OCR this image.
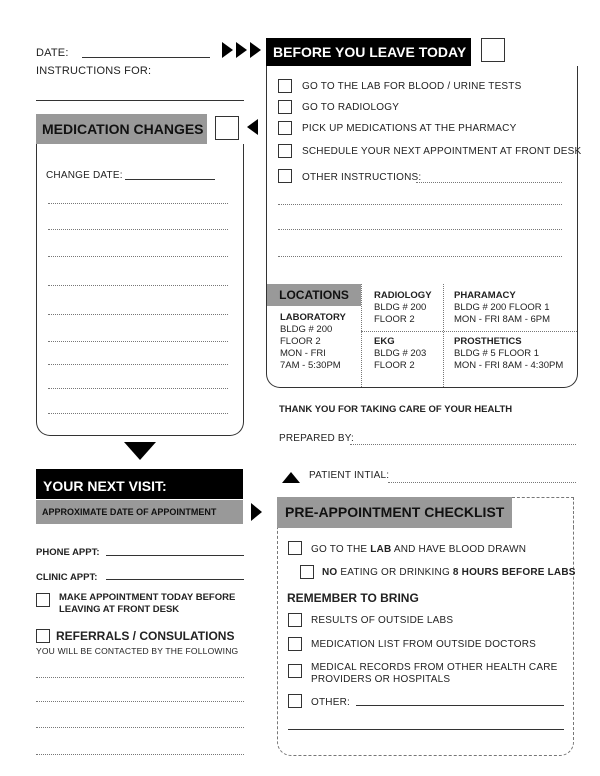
DATE:
INSTRUCTIONS FOR:
BEFORE YOU LEAVE TODAY
GO TO THE LAB FOR BLOOD / URINE TESTS
GO TO RADIOLOGY
PICK UP MEDICATIONS AT THE PHARMACY
SCHEDULE YOUR NEXT APPOINTMENT AT FRONT DESK
OTHER INSTRUCTIONS:
LOCATIONS
LABORATORY
BLDG # 200
FLOOR 2
MON - FRI
7AM - 5:30PM
RADIOLOGY
BLDG # 200
FLOOR 2
PHARAMACY
BLDG # 200 FLOOR 1
MON - FRI 8AM - 6PM
EKG
BLDG # 203
FLOOR 2
PROSTHETICS
BLDG # 5 FLOOR 1
MON - FRI 8AM - 4:30PM
THANK YOU FOR TAKING CARE OF YOUR HEALTH
PREPARED BY:
PATIENT INTIAL:
MEDICATION CHANGES
CHANGE DATE:
YOUR NEXT VISIT:
APPROXIMATE DATE OF APPOINTMENT
PHONE APPT:
CLINIC APPT:
MAKE APPOINTMENT TODAY BEFORE
LEAVING AT FRONT DESK
REFERRALS / CONSULATIONS
YOU WILL BE CONTACTED BY THE FOLLOWING
PRE-APPOINTMENT CHECKLIST
GO TO THE LAB AND HAVE BLOOD DRAWN
NO EATING OR DRINKING 8 HOURS BEFORE LABS
REMEMBER TO BRING
RESULTS OF OUTSIDE LABS
MEDICATION LIST FROM OUTSIDE DOCTORS
MEDICAL RECORDS FROM OTHER HEALTH CARE
PROVIDERS OR HOSPITALS
OTHER:
